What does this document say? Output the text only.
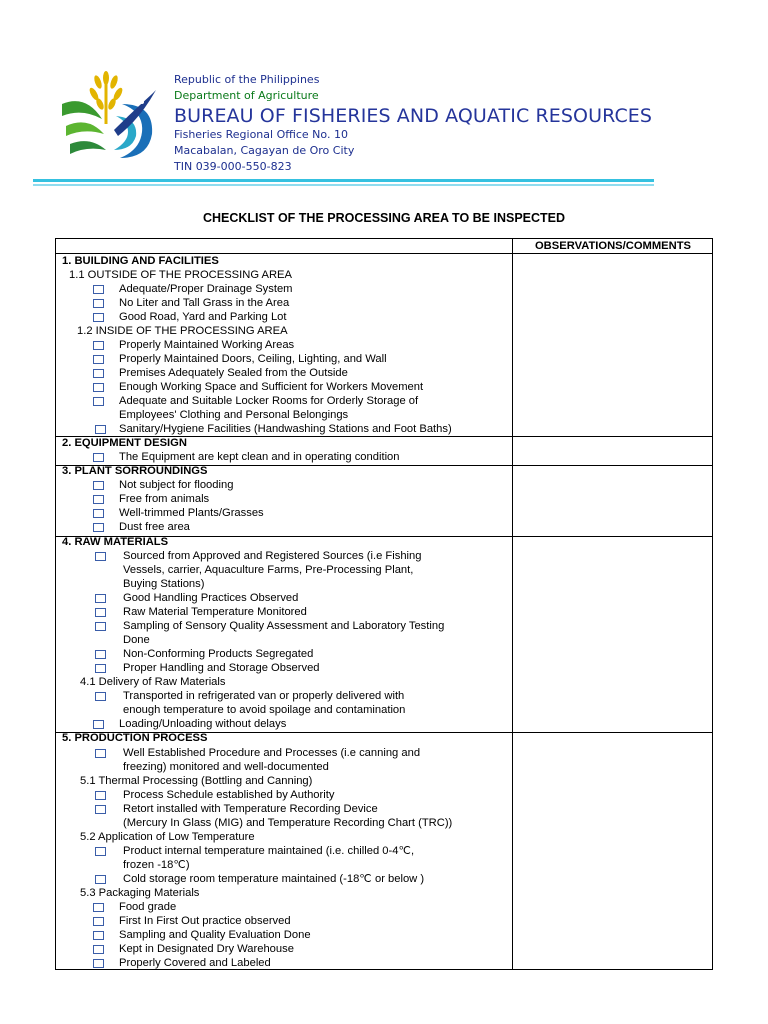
Republic of the Philippines
Department of Agriculture
BUREAU OF FISHERIES AND AQUATIC RESOURCES
Fisheries Regional Office No. 10
Macabalan, Cagayan de Oro City
TIN 039-000-550-823
CHECKLIST OF THE PROCESSING AREA TO BE INSPECTED
OBSERVATIONS/COMMENTS
1. BUILDING AND FACILITIES
1.1 OUTSIDE OF THE PROCESSING AREA
Adequate/Proper Drainage System
No Liter and Tall Grass in the Area
Good Road, Yard and Parking Lot
1.2 INSIDE OF THE PROCESSING AREA
Properly Maintained Working Areas
Properly Maintained Doors, Ceiling, Lighting, and Wall
Premises Adequately Sealed from the Outside
Enough Working Space and Sufficient for Workers Movement
Adequate and Suitable Locker Rooms for Orderly Storage of
Employees' Clothing and Personal Belongings
Sanitary/Hygiene Facilities (Handwashing Stations and Foot Baths)
2. EQUIPMENT DESIGN
The Equipment are kept clean and in operating condition
3. PLANT SORROUNDINGS
Not subject for flooding
Free from animals
Well-trimmed Plants/Grasses
Dust free area
4. RAW MATERIALS
Sourced from Approved and Registered Sources (i.e Fishing
Vessels, carrier, Aquaculture Farms, Pre-Processing Plant,
Buying Stations)
Good Handling Practices Observed
Raw Material Temperature Monitored
Sampling of Sensory Quality Assessment and Laboratory Testing
Done
Non-Conforming Products Segregated
Proper Handling and Storage Observed
4.1 Delivery of Raw Materials
Transported in refrigerated van or properly delivered with
enough temperature to avoid spoilage and contamination
Loading/Unloading without delays
5. PRODUCTION PROCESS
Well Established Procedure and Processes (i.e canning and
freezing) monitored and well-documented
5.1 Thermal Processing (Bottling and Canning)
Process Schedule established by Authority
Retort installed with Temperature Recording Device
(Mercury In Glass (MIG) and Temperature Recording Chart (TRC))
5.2 Application of Low Temperature
Product internal temperature maintained (i.e. chilled 0-4℃,
frozen -18℃)
Cold storage room temperature maintained (-18℃ or below )
5.3 Packaging Materials
Food grade
First In First Out practice observed
Sampling and Quality Evaluation Done
Kept in Designated Dry Warehouse
Properly Covered and Labeled
